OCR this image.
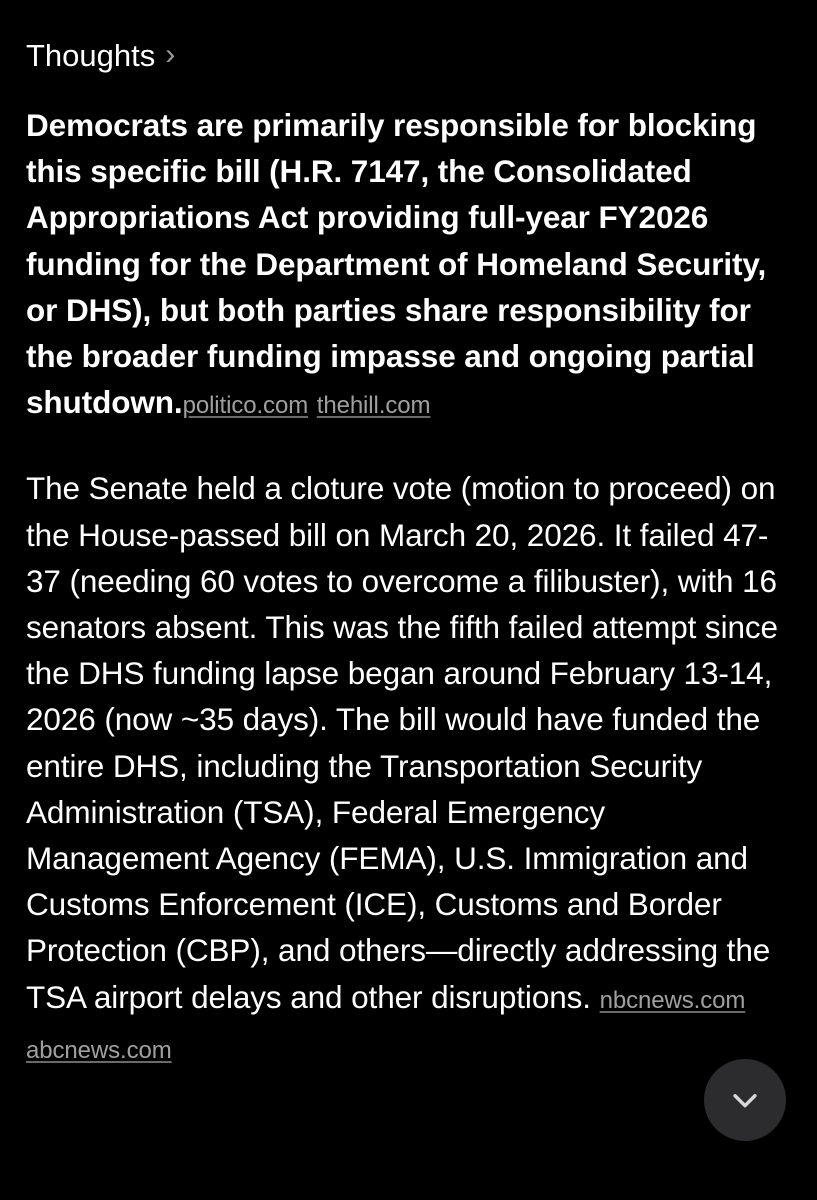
Thoughts ›

Democrats are primarily responsible for blocking this specific bill (H.R. 7147, the Consolidated Appropriations Act providing full-year FY2026 funding for the Department of Homeland Security, or DHS), but both parties share responsibility for the broader funding impasse and ongoing partial shutdown.politico.com thehill.com

The Senate held a cloture vote (motion to proceed) on the House-passed bill on March 20, 2026. It failed 47-37 (needing 60 votes to overcome a filibuster), with 16 senators absent. This was the fifth failed attempt since the DHS funding lapse began around February 13-14, 2026 (now ~35 days). The bill would have funded the entire DHS, including the Transportation Security Administration (TSA), Federal Emergency Management Agency (FEMA), U.S. Immigration and Customs Enforcement (ICE), Customs and Border Protection (CBP), and others—directly addressing the TSA airport delays and other disruptions. nbcnews.com abcnews.com
